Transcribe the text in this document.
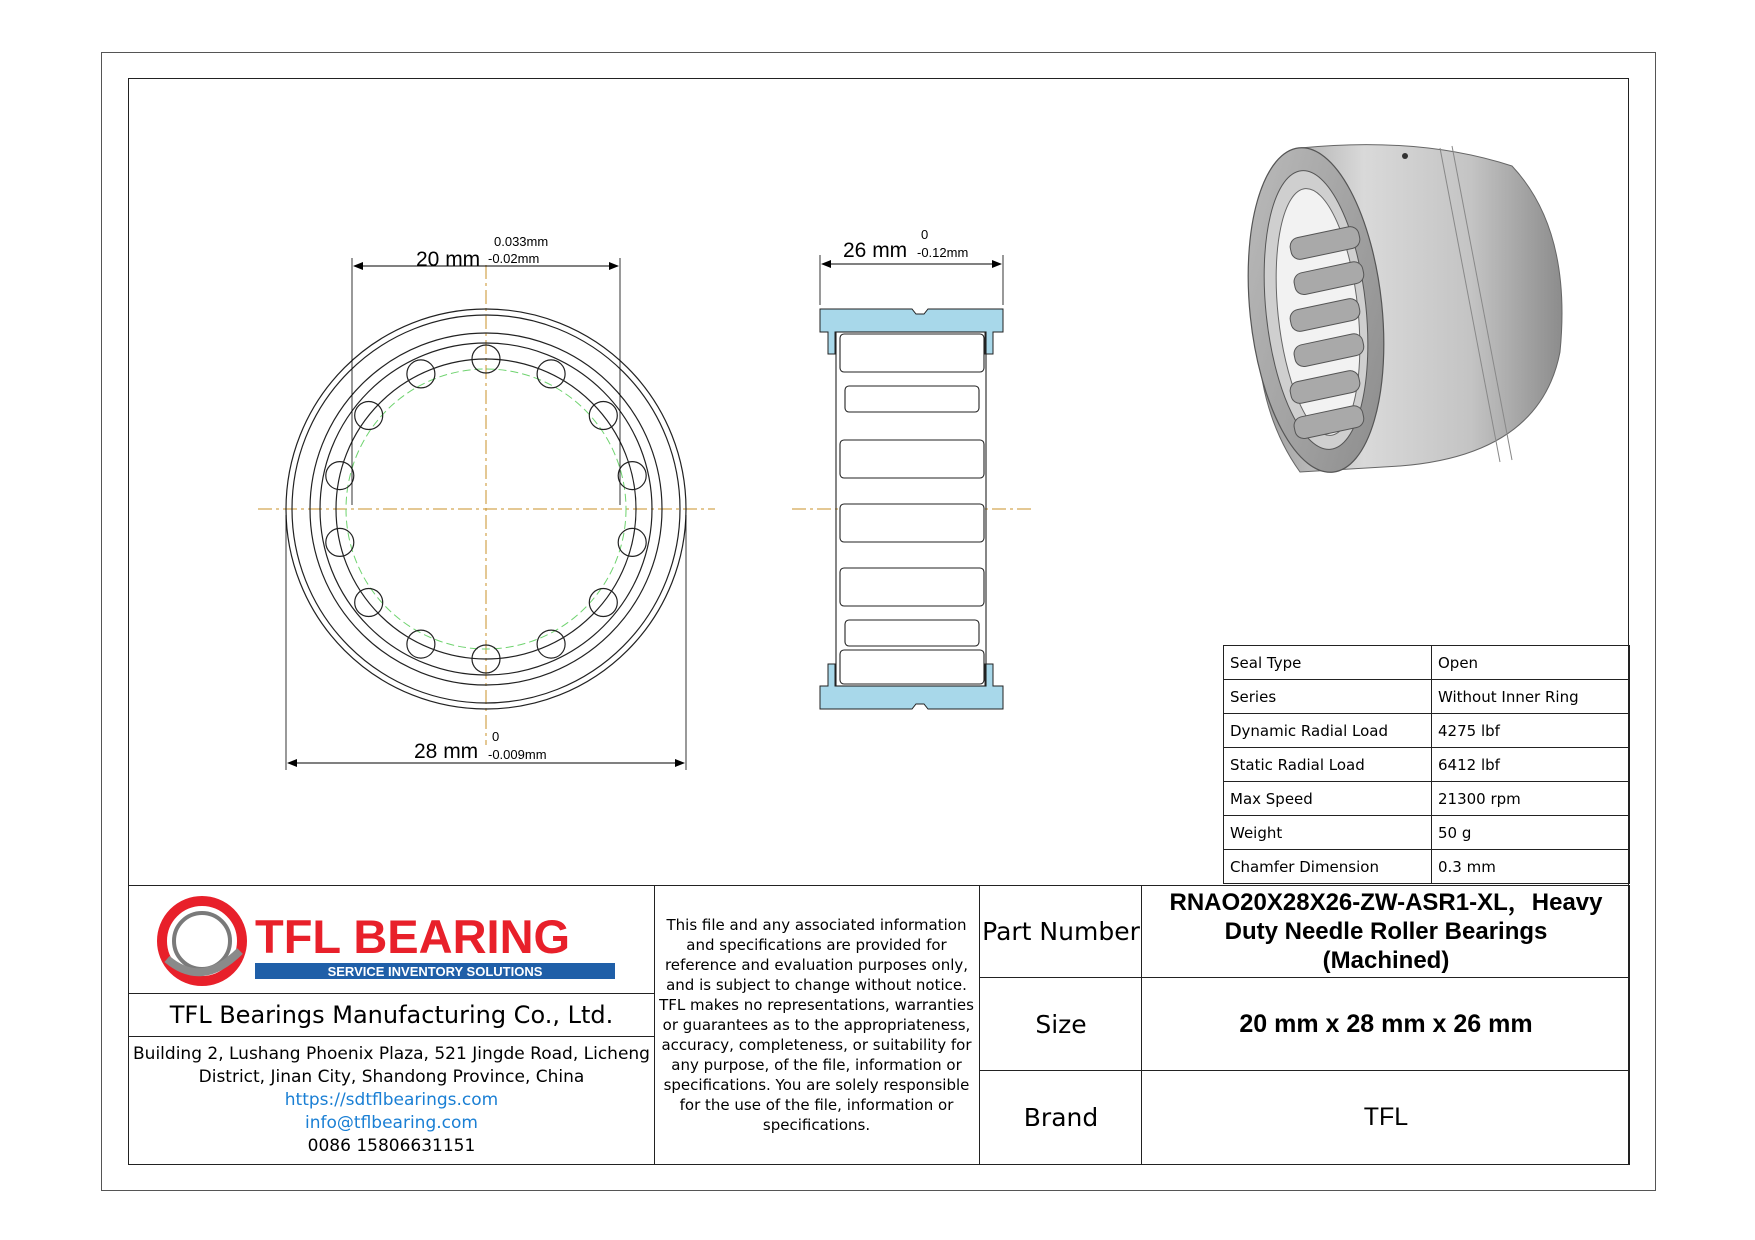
20 mm
0.033mm
-0.02mm
28 mm
0
-0.009mm
26 mm
0
-0.12mm
Seal Type	Open
Series	Without Inner Ring
Dynamic Radial Load	4275 lbf
Static Radial Load	6412 lbf
Max Speed	21300 rpm
Weight	50 g
Chamfer Dimension	0.3 mm
TFL BEARING
SERVICE INVENTORY SOLUTIONS
TFL Bearings Manufacturing Co., Ltd.
Building 2, Lushang Phoenix Plaza, 521 Jingde Road, Licheng
District, Jinan City, Shandong Province, China
https://sdtflbearings.com
info@tflbearing.com
0086 15806631151
This file and any associated information and specifications are provided for reference and evaluation purposes only, and is subject to change without notice. TFL makes no representations, warranties or guarantees as to the appropriateness, accuracy, completeness, or suitability for any purpose, of the file, information or specifications. You are solely responsible for the use of the file, information or specifications.
Part Number
RNAO20X28X26-ZW-ASR1-XL，Heavy
Duty Needle Roller Bearings
(Machined)
Size	20 mm x 28 mm x 26 mm
Brand	TFL
